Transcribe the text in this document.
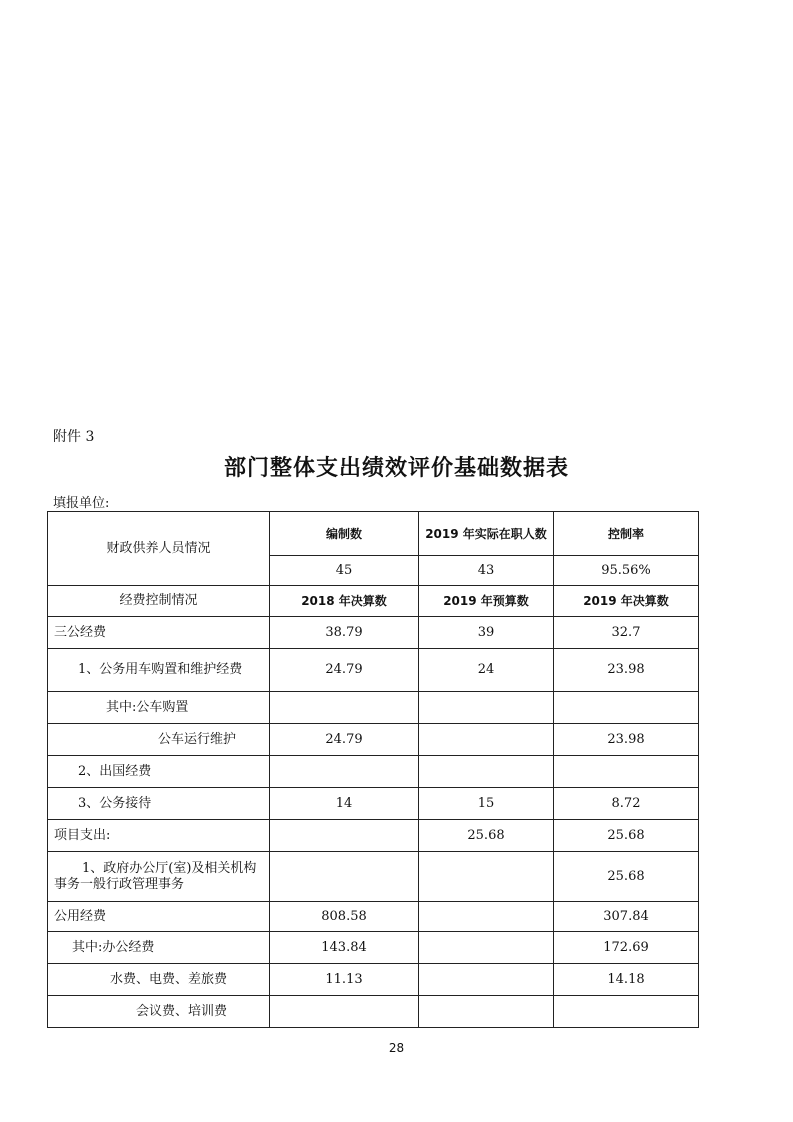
附件 3
部门整体支出绩效评价基础数据表
填报单位:
财政供养人员情况	编制数	2019 年实际在职人数	控制率
	45	43	95.56%
经费控制情况	2018 年决算数	2019 年预算数	2019 年决算数
三公经费	38.79	39	32.7
1、公务用车购置和维护经费	24.79	24	23.98
其中:公车购置			
公车运行维护	24.79		23.98
2、出国经费			
3、公务接待	14	15	8.72
项目支出:		25.68	25.68
1、政府办公厅(室)及相关机构事务一般行政管理事务			25.68
公用经费	808.58		307.84
其中:办公经费	143.84		172.69
水费、电费、差旅费	11.13		14.18
会议费、培训费			
28
